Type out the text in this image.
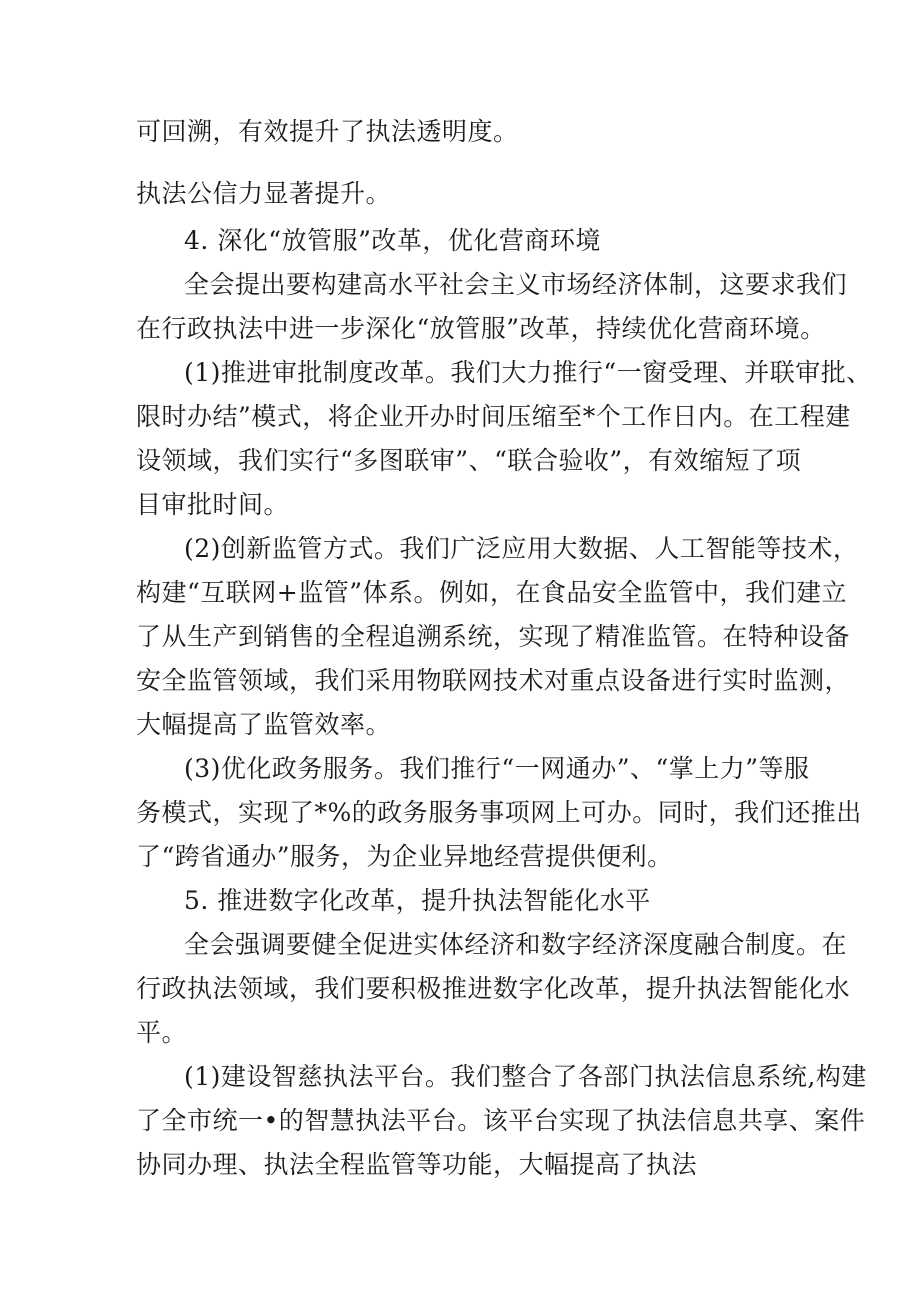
可回溯，有效提升了执法透明度。
执法公信力显著提升。
4. 深化“放管服”改革，优化营商环境
全会提出要构建高水平社会主义市场经济体制，这要求我们
在行政执法中进一步深化“放管服”改革，持续优化营商环境。
(1)推进审批制度改革。我们大力推行“一窗受理、并联审批、
限时办结”模式，将企业开办时间压缩至*个工作日内。在工程建
设领域，我们实行“多图联审”、“联合验收”，有效缩短了项
目审批时间。
(2)创新监管方式。我们广泛应用大数据、人工智能等技术，
构建“互联网+监管”体系。例如，在食品安全监管中，我们建立
了从生产到销售的全程追溯系统，实现了精准监管。在特种设备
安全监管领域，我们采用物联网技术对重点设备进行实时监测，
大幅提高了监管效率。
(3)优化政务服务。我们推行“一网通办”、“掌上力”等服
务模式，实现了*%的政务服务事项网上可办。同时，我们还推出
了“跨省通办”服务，为企业异地经营提供便利。
5. 推进数字化改革，提升执法智能化水平
全会强调要健全促进实体经济和数字经济深度融合制度。在
行政执法领域，我们要积极推进数字化改革，提升执法智能化水
平。
(1)建设智慈执法平台。我们整合了各部门执法信息系统,构建
了全市统一•的智慧执法平台。该平台实现了执法信息共享、案件
协同办理、执法全程监管等功能，大幅提高了执法
